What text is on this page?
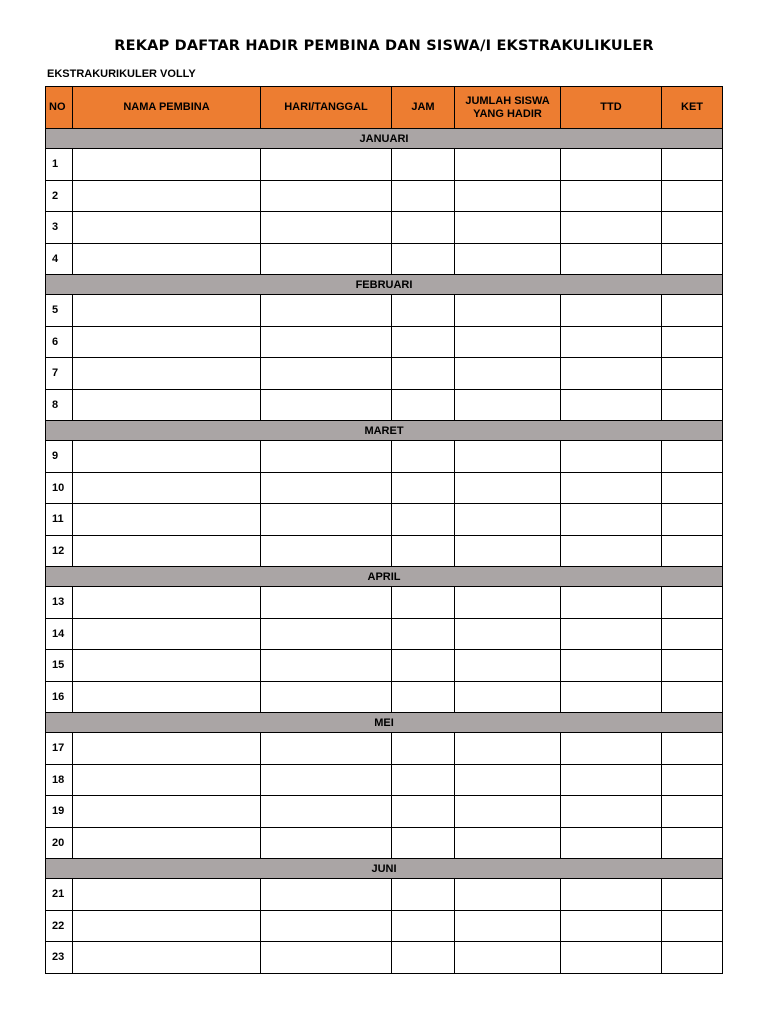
REKAP DAFTAR HADIR PEMBINA DAN SISWA/I EKSTRAKULIKULER
EKSTRAKURIKULER VOLLY
NO	NAMA PEMBINA	HARI/TANGGAL	JAM	JUMLAH SISWA YANG HADIR	TTD	KET
JANUARI						
1						
2						
3						
4						
FEBRUARI						
5						
6						
7						
8						
MARET						
9						
10						
11						
12						
APRIL						
13						
14						
15						
16						
MEI						
17						
18						
19						
20						
JUNI						
21						
22						
23						
